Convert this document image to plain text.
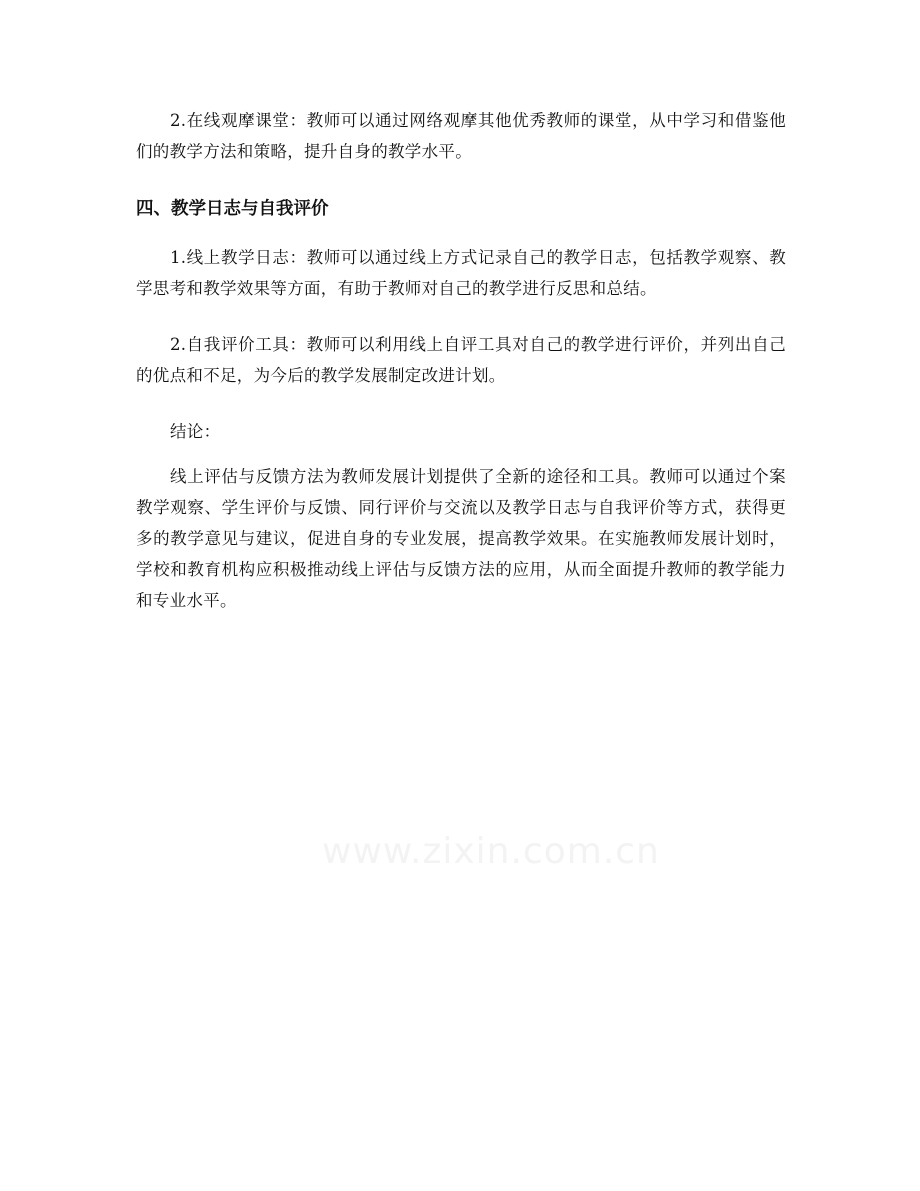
2.在线观摩课堂：教师可以通过网络观摩其他优秀教师的课堂，从中学习和借鉴他们的教学方法和策略，提升自身的教学水平。

四、教学日志与自我评价

1.线上教学日志：教师可以通过线上方式记录自己的教学日志，包括教学观察、教学思考和教学效果等方面，有助于教师对自己的教学进行反思和总结。

2.自我评价工具：教师可以利用线上自评工具对自己的教学进行评价，并列出自己的优点和不足，为今后的教学发展制定改进计划。

结论：

线上评估与反馈方法为教师发展计划提供了全新的途径和工具。教师可以通过个案教学观察、学生评价与反馈、同行评价与交流以及教学日志与自我评价等方式，获得更多的教学意见与建议，促进自身的专业发展，提高教学效果。在实施教师发展计划时，学校和教育机构应积极推动线上评估与反馈方法的应用，从而全面提升教师的教学能力和专业水平。

www.zixin.com.cn
